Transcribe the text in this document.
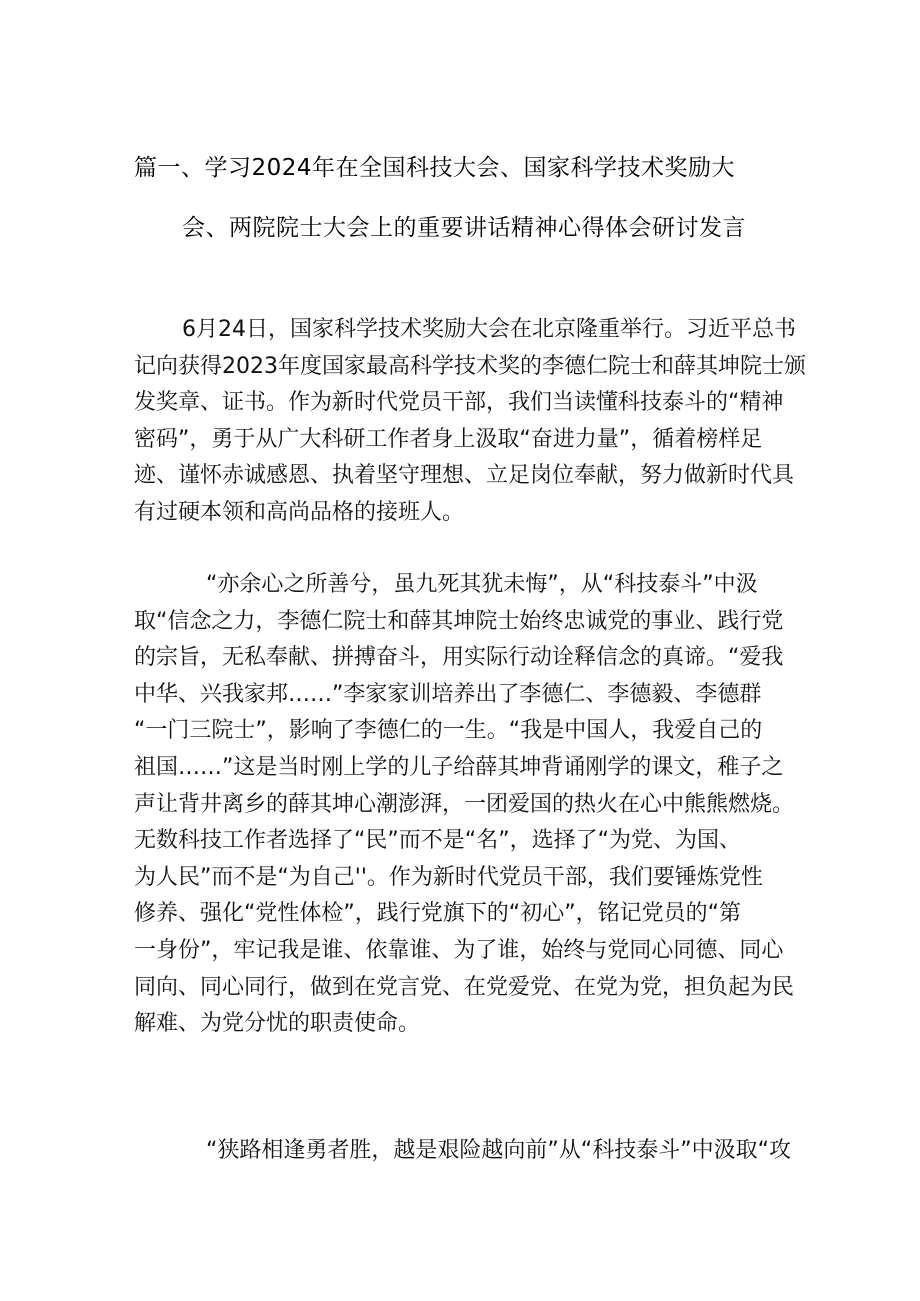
篇一、学习2024年在全国科技大会、国家科学技术奖励大
会、两院院士大会上的重要讲话精神心得体会研讨发言
6月24日，国家科学技术奖励大会在北京隆重举行。习近平总书
记向获得2023年度国家最高科学技术奖的李德仁院士和薛其坤院士颁
发奖章、证书。作为新时代党员干部，我们当读懂科技泰斗的“精神
密码”，勇于从广大科研工作者身上汲取“奋进力量”，循着榜样足
迹、谨怀赤诚感恩、执着坚守理想、立足岗位奉献，努力做新时代具
有过硬本领和高尚品格的接班人。
“亦余心之所善兮，虽九死其犹未悔”，从“科技泰斗”中汲
取“信念之力，李德仁院士和薛其坤院士始终忠诚党的事业、践行党
的宗旨，无私奉献、拼搏奋斗，用实际行动诠释信念的真谛。“爱我
中华、兴我家邦……”李家家训培养出了李德仁、李德毅、李德群
“一门三院士”，影响了李德仁的一生。“我是中国人，我爱自己的
祖国……”这是当时刚上学的儿子给薛其坤背诵刚学的课文，稚子之
声让背井离乡的薛其坤心潮澎湃，一团爱国的热火在心中熊熊燃烧。
无数科技工作者选择了“民”而不是“名”，选择了“为党、为国、
为人民”而不是“为自己''。作为新时代党员干部，我们要锤炼党性
修养、强化“党性体检”，践行党旗下的“初心”，铭记党员的“第
一身份”，牢记我是谁、依靠谁、为了谁，始终与党同心同德、同心
同向、同心同行，做到在党言党、在党爱党、在党为党，担负起为民
解难、为党分忧的职责使命。
“狭路相逢勇者胜，越是艰险越向前”从“科技泰斗”中汲取“攻
